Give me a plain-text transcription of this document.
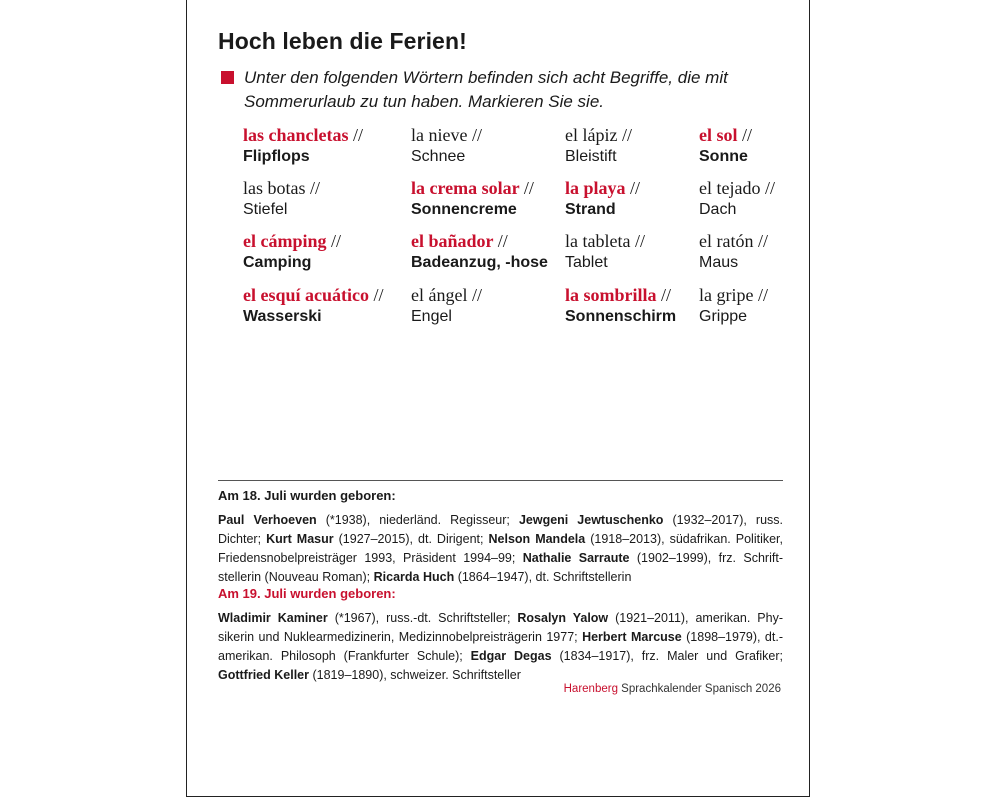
Hoch leben die Ferien!
Unter den folgenden Wörtern befinden sich acht Begriffe, die mit Sommerurlaub zu tun haben. Markieren Sie sie.
las chancletas //
Flipflops
la nieve //
Schnee
el lápiz //
Bleistift
el sol //
Sonne
las botas //
Stiefel
la crema solar //
Sonnencreme
la playa //
Strand
el tejado //
Dach
el cámping //
Camping
el bañador //
Badeanzug, -hose
la tableta //
Tablet
el ratón //
Maus
el esquí acuático //
Wasserski
el ángel //
Engel
la sombrilla //
Sonnenschirm
la gripe //
Grippe
Am 18. Juli wurden geboren:
Paul Verhoeven (*1938), niederländ. Regisseur; Jewgeni Jewtuschenko (1932–2017), russ. Dichter; Kurt Masur (1927–2015), dt. Dirigent; Nelson Mandela (1918–2013), südafrikan. Politiker, Friedensnobelpreisträger 1993, Präsident 1994–99; Nathalie Sarraute (1902–1999), frz. Schriftstellerin (Nouveau Roman); Ricarda Huch (1864–1947), dt. Schriftstellerin
Am 19. Juli wurden geboren:
Wladimir Kaminer (*1967), russ.-dt. Schriftsteller; Rosalyn Yalow (1921–2011), amerikan. Physikerin und Nuklearmedizinerin, Medizinnobelpreisträgerin 1977; Herbert Marcuse (1898–1979), dt.-amerikan. Philosoph (Frankfurter Schule); Edgar Degas (1834–1917), frz. Maler und Grafiker; Gottfried Keller (1819–1890), schweizer. Schriftsteller
Harenberg Sprachkalender Spanisch 2026
